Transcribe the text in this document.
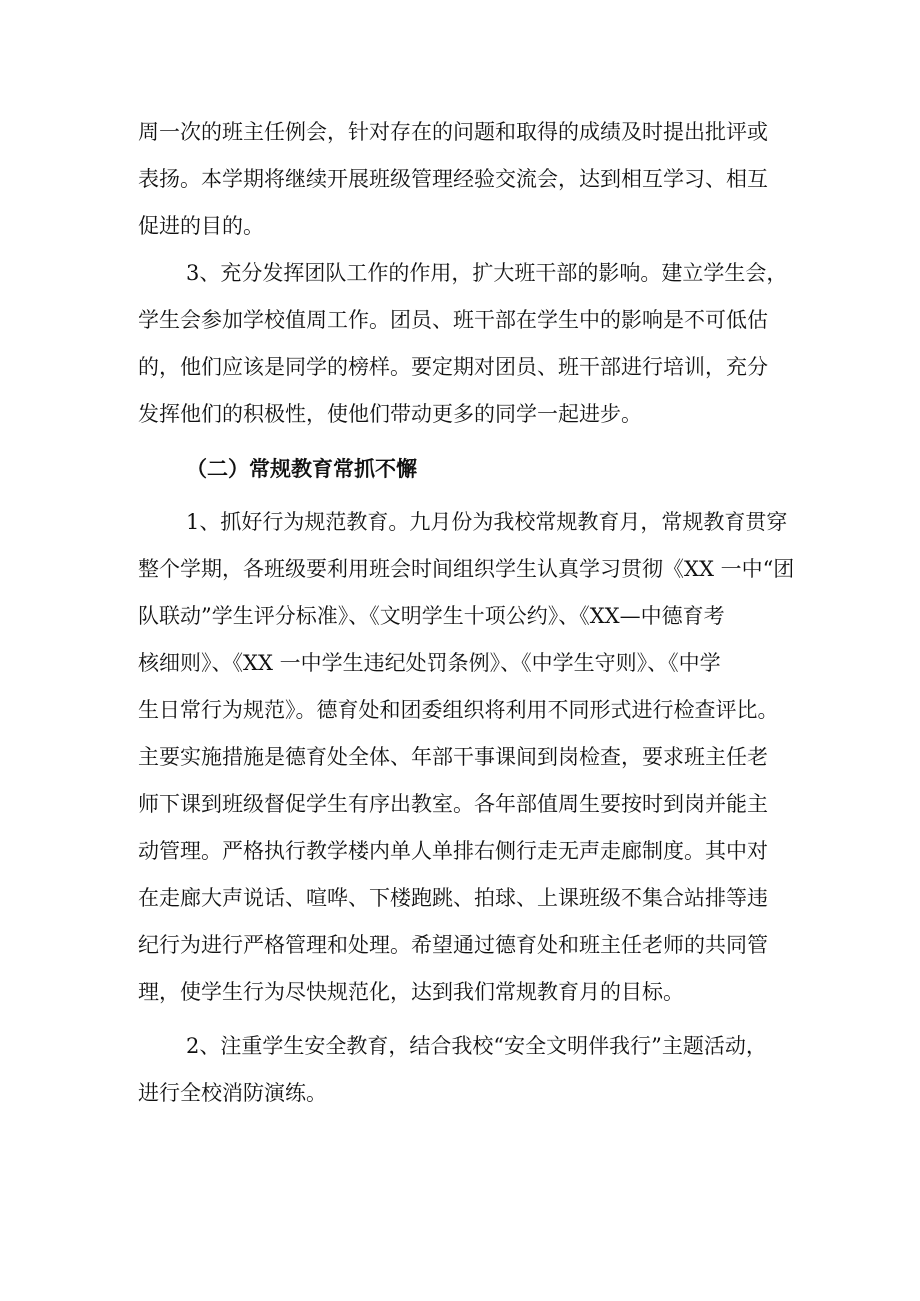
周一次的班主任例会，针对存在的问题和取得的成绩及时提出批评或
表扬。本学期将继续开展班级管理经验交流会，达到相互学习、相互
促进的目的。
3、充分发挥团队工作的作用，扩大班干部的影响。建立学生会，
学生会参加学校值周工作。团员、班干部在学生中的影响是不可低估
的，他们应该是同学的榜样。要定期对团员、班干部进行培训，充分
发挥他们的积极性，使他们带动更多的同学一起进步。
（二）常规教育常抓不懈
1、抓好行为规范教育。九月份为我校常规教育月，常规教育贯穿
整个学期，各班级要利用班会时间组织学生认真学习贯彻《XX 一中“团
队联动”学生评分标准》、《文明学生十项公约》、《XX—中德育考
核细则》、《XX 一中学生违纪处罚条例》、《中学生守则》、《中学
生日常行为规范》。德育处和团委组织将利用不同形式进行检查评比。
主要实施措施是德育处全体、年部干事课间到岗检查，要求班主任老
师下课到班级督促学生有序出教室。各年部值周生要按时到岗并能主
动管理。严格执行教学楼内单人单排右侧行走无声走廊制度。其中对
在走廊大声说话、喧哗、下楼跑跳、拍球、上课班级不集合站排等违
纪行为进行严格管理和处理。希望通过德育处和班主任老师的共同管
理，使学生行为尽快规范化，达到我们常规教育月的目标。
2、注重学生安全教育，结合我校“安全文明伴我行”主题活动，
进行全校消防演练。
